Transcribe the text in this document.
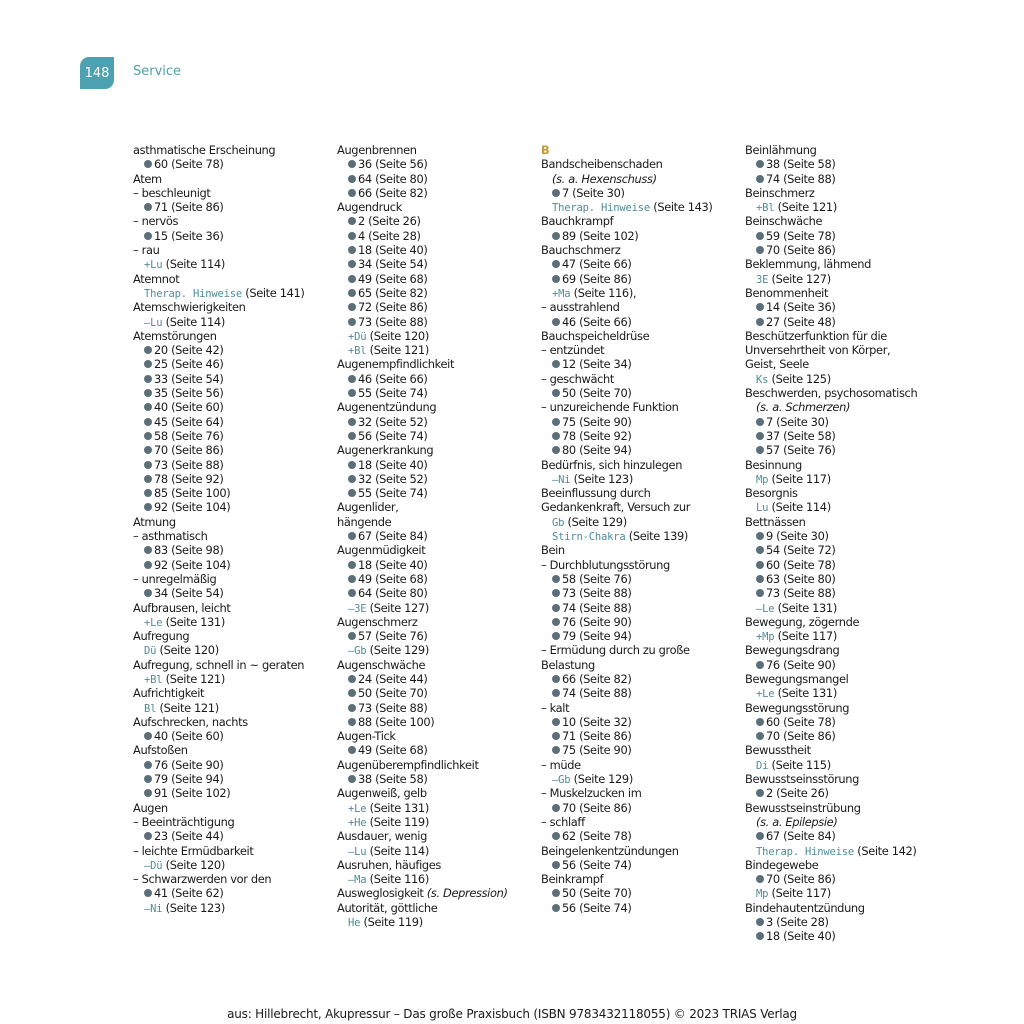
148 Service
asthmatische Erscheinung
60 (Seite 78)
Atem
– beschleunigt
71 (Seite 86)
– nervös
15 (Seite 36)
– rau
+Lu (Seite 114)
Atemnot
Therap. Hinweise (Seite 141)
Atemschwierigkeiten
–Lu (Seite 114)
Atemstörungen
20 (Seite 42)
25 (Seite 46)
33 (Seite 54)
35 (Seite 56)
40 (Seite 60)
45 (Seite 64)
58 (Seite 76)
70 (Seite 86)
73 (Seite 88)
78 (Seite 92)
85 (Seite 100)
92 (Seite 104)
Atmung
– asthmatisch
83 (Seite 98)
92 (Seite 104)
– unregelmäßig
34 (Seite 54)
Aufbrausen, leicht
+Le (Seite 131)
Aufregung
Dü (Seite 120)
Aufregung, schnell in ~ geraten
+Bl (Seite 121)
Aufrichtigkeit
Bl (Seite 121)
Aufschrecken, nachts
40 (Seite 60)
Aufstoßen
76 (Seite 90)
79 (Seite 94)
91 (Seite 102)
Augen
– Beeinträchtigung
23 (Seite 44)
– leichte Ermüdbarkeit
–Dü (Seite 120)
– Schwarzwerden vor den
41 (Seite 62)
–Ni (Seite 123)
Augenbrennen
36 (Seite 56)
64 (Seite 80)
66 (Seite 82)
Augendruck
2 (Seite 26)
4 (Seite 28)
18 (Seite 40)
34 (Seite 54)
49 (Seite 68)
65 (Seite 82)
72 (Seite 86)
73 (Seite 88)
+Dü (Seite 120)
+Bl (Seite 121)
Augenempfindlichkeit
46 (Seite 66)
55 (Seite 74)
Augenentzündung
32 (Seite 52)
56 (Seite 74)
Augenerkrankung
18 (Seite 40)
32 (Seite 52)
55 (Seite 74)
Augenlider,
hängende
67 (Seite 84)
Augenmüdigkeit
18 (Seite 40)
49 (Seite 68)
64 (Seite 80)
–3E (Seite 127)
Augenschmerz
57 (Seite 76)
–Gb (Seite 129)
Augenschwäche
24 (Seite 44)
50 (Seite 70)
73 (Seite 88)
88 (Seite 100)
Augen-Tick
49 (Seite 68)
Augenüberempfindlichkeit
38 (Seite 58)
Augenweiß, gelb
+Le (Seite 131)
+He (Seite 119)
Ausdauer, wenig
–Lu (Seite 114)
Ausruhen, häufiges
–Ma (Seite 116)
Ausweglosigkeit (s. Depression)
Autorität, göttliche
He (Seite 119)
B
Bandscheibenschaden
(s. a. Hexenschuss)
7 (Seite 30)
Therap. Hinweise (Seite 143)
Bauchkrampf
89 (Seite 102)
Bauchschmerz
47 (Seite 66)
69 (Seite 86)
+Ma (Seite 116),
– ausstrahlend
46 (Seite 66)
Bauchspeicheldrüse
– entzündet
12 (Seite 34)
– geschwächt
50 (Seite 70)
– unzureichende Funktion
75 (Seite 90)
78 (Seite 92)
80 (Seite 94)
Bedürfnis, sich hinzulegen
–Ni (Seite 123)
Beeinflussung durch
Gedankenkraft, Versuch zur
Gb (Seite 129)
Stirn-Chakra (Seite 139)
Bein
– Durchblutungsstörung
58 (Seite 76)
73 (Seite 88)
74 (Seite 88)
76 (Seite 90)
79 (Seite 94)
– Ermüdung durch zu große
Belastung
66 (Seite 82)
74 (Seite 88)
– kalt
10 (Seite 32)
71 (Seite 86)
75 (Seite 90)
– müde
–Gb (Seite 129)
– Muskelzucken im
70 (Seite 86)
– schlaff
62 (Seite 78)
Beingelenkentzündungen
56 (Seite 74)
Beinkrampf
50 (Seite 70)
56 (Seite 74)
Beinlähmung
38 (Seite 58)
74 (Seite 88)
Beinschmerz
+Bl (Seite 121)
Beinschwäche
59 (Seite 78)
70 (Seite 86)
Beklemmung, lähmend
3E (Seite 127)
Benommenheit
14 (Seite 36)
27 (Seite 48)
Beschützerfunktion für die
Unversehrtheit von Körper,
Geist, Seele
Ks (Seite 125)
Beschwerden, psychosomatisch
(s. a. Schmerzen)
7 (Seite 30)
37 (Seite 58)
57 (Seite 76)
Besinnung
Mp (Seite 117)
Besorgnis
Lu (Seite 114)
Bettnässen
9 (Seite 30)
54 (Seite 72)
60 (Seite 78)
63 (Seite 80)
73 (Seite 88)
–Le (Seite 131)
Bewegung, zögernde
+Mp (Seite 117)
Bewegungsdrang
76 (Seite 90)
Bewegungsmangel
+Le (Seite 131)
Bewegungsstörung
60 (Seite 78)
70 (Seite 86)
Bewusstheit
Di (Seite 115)
Bewusstseinsstörung
2 (Seite 26)
Bewusstseinstrübung
(s. a. Epilepsie)
67 (Seite 84)
Therap. Hinweise (Seite 142)
Bindegewebe
70 (Seite 86)
Mp (Seite 117)
Bindehautentzündung
3 (Seite 28)
18 (Seite 40)
aus: Hillebrecht, Akupressur – Das große Praxisbuch (ISBN 9783432118055) © 2023 TRIAS Verlag
